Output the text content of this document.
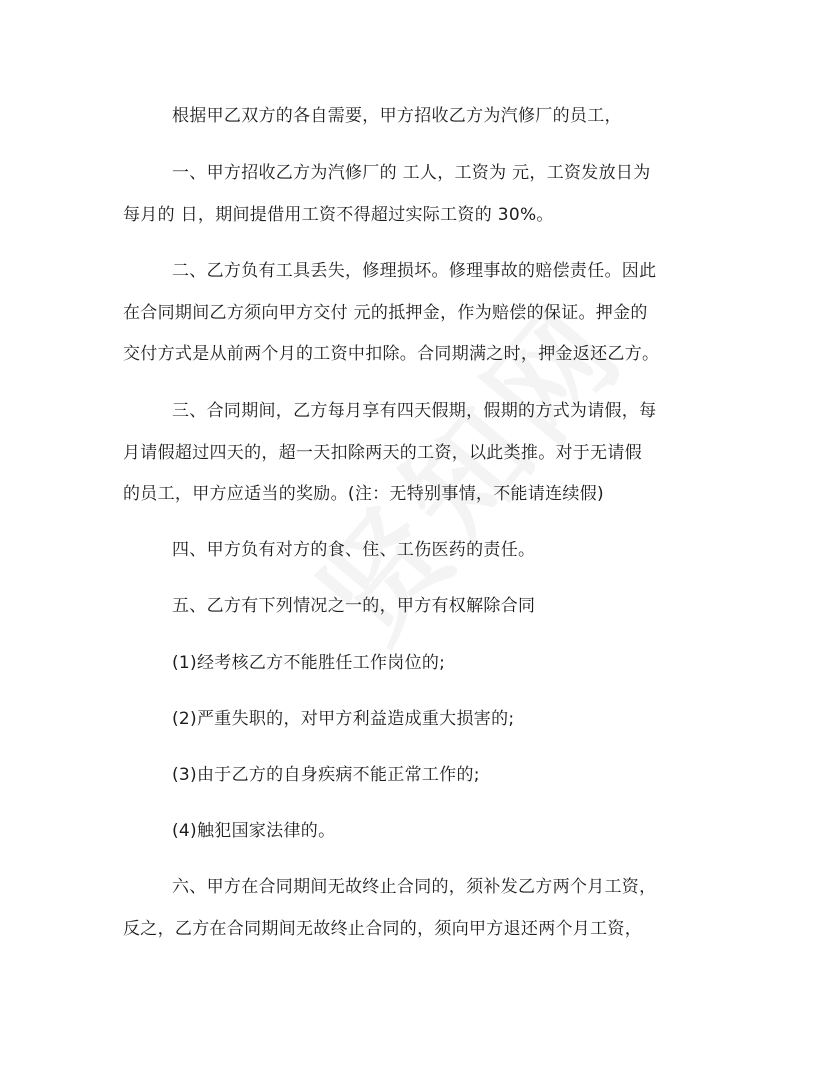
根据甲乙双方的各自需要，甲方招收乙方为汽修厂的员工，
一、甲方招收乙方为汽修厂的 工人，工资为 元，工资发放日为
每月的 日，期间提借用工资不得超过实际工资的 30%。
二、乙方负有工具丢失，修理损坏。修理事故的赔偿责任。因此
在合同期间乙方须向甲方交付 元的抵押金，作为赔偿的保证。押金的
交付方式是从前两个月的工资中扣除。合同期满之时，押金返还乙方。
三、合同期间，乙方每月享有四天假期，假期的方式为请假，每
月请假超过四天的，超一天扣除两天的工资，以此类推。对于无请假
的员工，甲方应适当的奖励。(注：无特别事情，不能请连续假)
四、甲方负有对方的食、住、工伤医药的责任。
五、乙方有下列情况之一的，甲方有权解除合同
(1)经考核乙方不能胜任工作岗位的;
(2)严重失职的，对甲方利益造成重大损害的;
(3)由于乙方的自身疾病不能正常工作的;
(4)触犯国家法律的。
六、甲方在合同期间无故终止合同的，须补发乙方两个月工资，
反之，乙方在合同期间无故终止合同的，须向甲方退还两个月工资，
